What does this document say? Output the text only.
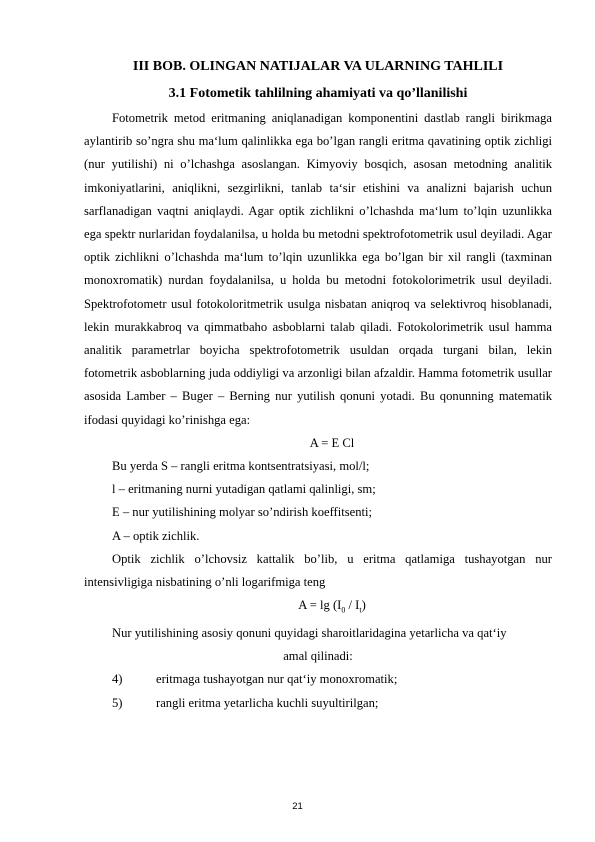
III BOB. OLINGAN NATIJALAR VA ULARNING TAHLILI
3.1 Fotometik tahlilning ahamiyati va qo’llanilishi

Fotometrik metod eritmaning aniqlanadigan komponentini dastlab rangli birikmaga aylantirib so’ngra shu ma‘lum qalinlikka ega bo’lgan rangli eritma qavatining optik zichligi (nur yutilishi) ni o’lchashga asoslangan. Kimyoviy bosqich, asosan metodning analitik imkoniyatlarini, aniqlikni, sezgirlikni, tanlab ta‘sir etishini va analizni bajarish uchun sarflanadigan vaqtni aniqlaydi. Agar optik zichlikni o’lchashda ma‘lum to’lqin uzunlikka ega spektr nurlaridan foydalanilsa, u holda bu metodni spektrofotometrik usul deyiladi. Agar optik zichlikni o’lchashda ma‘lum to’lqin uzunlikka ega bo’lgan bir xil rangli (taxminan monoxromatik) nurdan foydalanilsa, u holda bu metodni fotokolorimetrik usul deyiladi. Spektrofotometr usul fotokoloritmetrik usulga nisbatan aniqroq va selektivroq hisoblanadi, lekin murakkabroq va qimmatbaho asboblarni talab qiladi. Fotokolorimetrik usul hamma analitik parametrlar boyicha spektrofotometrik usuldan orqada turgani bilan, lekin fotometrik asboblarning juda oddiyligi va arzonligi bilan afzaldir. Hamma fotometrik usullar asosida Lamber – Buger – Berning nur yutilish qonuni yotadi. Bu qonunning matematik ifodasi quyidagi ko’rinishga ega:

A = E Cl

Bu yerda S – rangli eritma kontsentratsiyasi, mol/l;

l – eritmaning nurni yutadigan qatlami qalinligi, sm;

E – nur yutilishining molyar so’ndirish koeffitsenti;

A – optik zichlik.

Optik zichlik o’lchovsiz kattalik bo’lib, u eritma qatlamiga tushayotgan nur intensivligiga nisbatining o’nli logarifmiga teng

$A = \lg (I_0 / I_t)$

Nur yutilishining asosiy qonuni quyidagi sharoitlaridagina yetarlicha va qat‘iy

amal qilinadi:

4)	eritmaga tushayotgan nur qat‘iy monoxromatik;

5)	rangli eritma yetarlicha kuchli suyultirilgan;

21
